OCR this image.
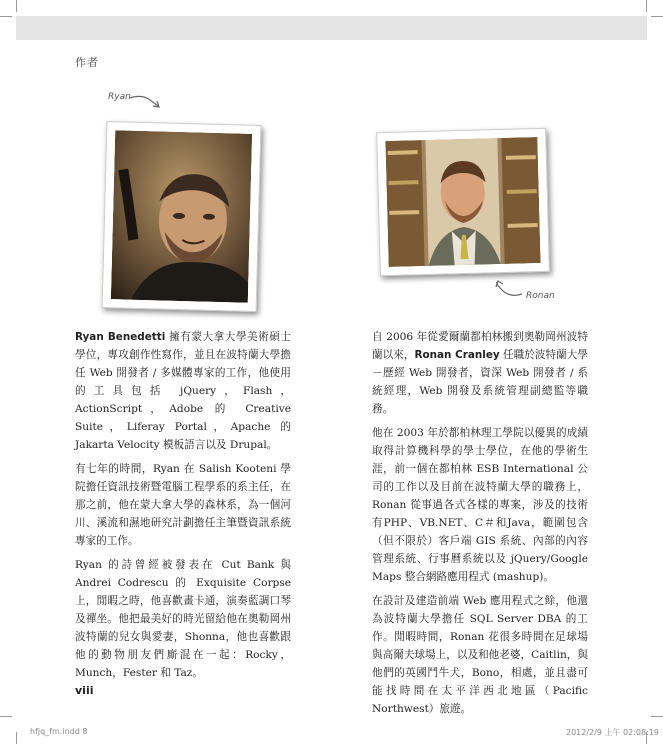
作者
Ryan
Ronan

Ryan Benedetti 擁有蒙大拿大學美術碩士學位，專攻創作性寫作，並且在波特蘭大學擔任 Web 開發者 / 多媒體專家的工作，他使用的工具包括 jQuery，Flash，ActionScript，Adobe 的 Creative Suite，Liferay Portal，Apache 的 Jakarta Velocity 模板語言以及 Drupal。

有七年的時間，Ryan 在 Salish Kooteni 學院擔任資訊技術暨電腦工程學系的系主任，在那之前，他在蒙大拿大學的森林系，為一個河川、溪流和濕地研究計劃擔任主筆暨資訊系統專家的工作。

Ryan 的詩曾經被發表在 Cut Bank 與 Andrei Codrescu 的 Exquisite Corpse 上，閒暇之時，他喜歡畫卡通，演奏藍調口琴及禪坐。他把最美好的時光留給他在奧勒岡州波特蘭的兒女與愛妻，Shonna，他也喜歡跟他的動物朋友們廝混在一起：Rocky，Munch，Fester 和 Taz。

自 2006 年從愛爾蘭都柏林搬到奧勒岡州波特蘭以來，Ronan Cranley 任職於波特蘭大學－歷經 Web 開發者，資深 Web 開發者 / 系統經理，Web 開發及系統管理副總監等職務。

他在 2003 年於都柏林理工學院以優異的成績取得計算機科學的學士學位，在他的學術生涯，前一個在都柏林 ESB International 公司的工作以及目前在波特蘭大學的職務上，Ronan 從事過各式各樣的專案，涉及的技術有PHP、VB.NET、C＃和Java，範圍包含（但不限於）客戶端 GIS 系統、內部的內容管理系統、行事曆系統以及 jQuery/Google Maps 整合網路應用程式 (mashup)。

在設計及建造前端 Web 應用程式之餘，他還為波特蘭大學擔任 SQL Server DBA 的工作。閒暇時間，Ronan 花很多時間在足球場與高爾夫球場上，以及和他老婆，Caitlin，與他們的英國鬥牛犬，Bono，相處，並且盡可能找時間在太平洋西北地區（Pacific Northwest）旅遊。

viii
hfjq_fm.indd 8	2012/2/9 上午 02:08:19
